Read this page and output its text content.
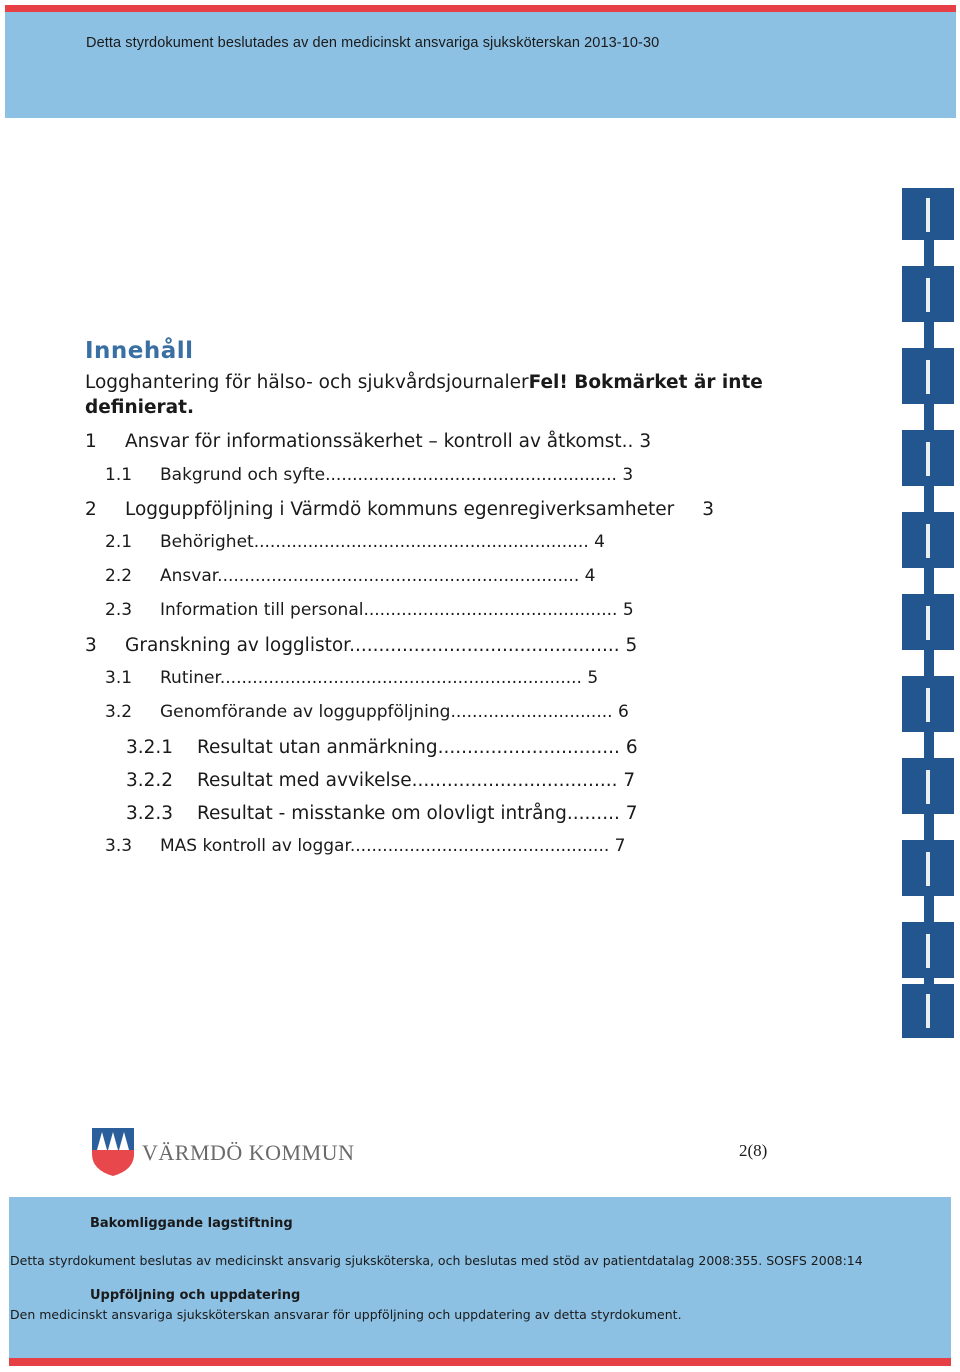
Detta styrdokument beslutades av den medicinskt ansvariga sjuksköterskan 2013-10-30
Innehåll
Logghantering för hälso- och sjukvårdsjournalerFel! Bokmärket är inte
definierat.
1 Ansvar för informationssäkerhet – kontroll av åtkomst.. 3
1.1 Bakgrund och syfte...................................................... 3
2 Logguppföljning i Värmdö kommuns egenregiverksamheter 3
2.1 Behörighet.............................................................. 4
2.2 Ansvar................................................................... 4
2.3 Information till personal............................................... 5
3 Granskning av logglistor.............................................. 5
3.1 Rutiner................................................................... 5
3.2 Genomförande av logguppföljning.............................. 6
3.2.1 Resultat utan anmärkning............................... 6
3.2.2 Resultat med avvikelse................................... 7
3.2.3 Resultat - misstanke om olovligt intrång......... 7
3.3 MAS kontroll av loggar................................................ 7
VÄRMDÖ KOMMUN	2(8)
Bakomliggande lagstiftning
Detta styrdokument beslutas av medicinskt ansvarig sjuksköterska, och beslutas med stöd av patientdatalag 2008:355. SOSFS 2008:14
Uppföljning och uppdatering
Den medicinskt ansvariga sjuksköterskan ansvarar för uppföljning och uppdatering av detta styrdokument.
